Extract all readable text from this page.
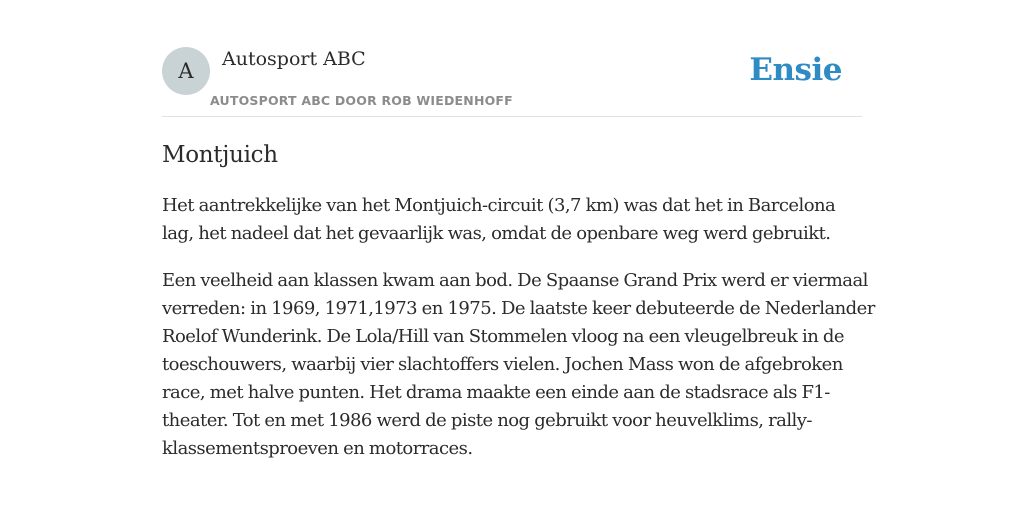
A	Autosport ABC
AUTOSPORT ABC DOOR ROB WIEDENHOFF
Ensie
Montjuich

Het aantrekkelijke van het Montjuich-circuit (3,7 km) was dat het in Barcelona
lag, het nadeel dat het gevaarlijk was, omdat de openbare weg werd gebruikt.

Een veelheid aan klassen kwam aan bod. De Spaanse Grand Prix werd er viermaal
verreden: in 1969, 1971,1973 en 1975. De laatste keer debuteerde de Nederlander
Roelof Wunderink. De Lola/Hill van Stommelen vloog na een vleugelbreuk in de
toeschouwers, waarbij vier slachtoffers vielen. Jochen Mass won de afgebroken
race, met halve punten. Het drama maakte een einde aan de stadsrace als F1-
theater. Tot en met 1986 werd de piste nog gebruikt voor heuvelklims, rally-
klassementsproeven en motorraces.
